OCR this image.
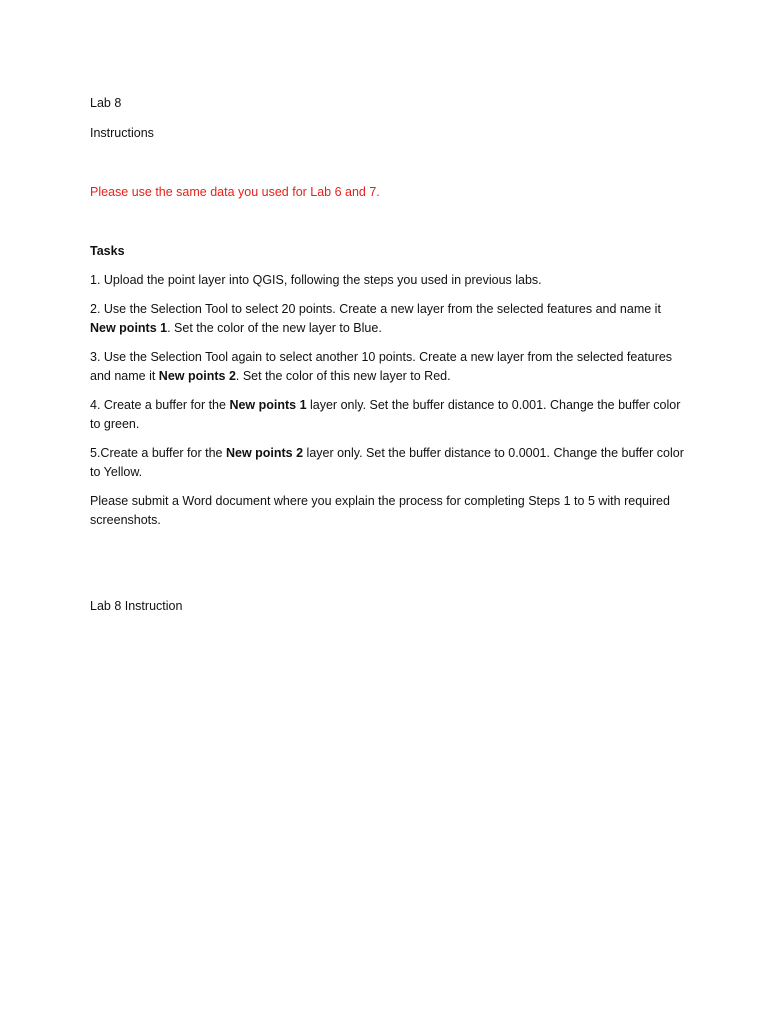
Lab 8

Instructions

Please use the same data you used for Lab 6 and 7.

Tasks

1. Upload the point layer into QGIS, following the steps you used in previous labs.

2. Use the Selection Tool to select 20 points. Create a new layer from the selected features and name it New points 1. Set the color of the new layer to Blue.

3. Use the Selection Tool again to select another 10 points. Create a new layer from the selected features and name it New points 2. Set the color of this new layer to Red.

4. Create a buffer for the New points 1 layer only. Set the buffer distance to 0.001. Change the buffer color to green.

5.Create a buffer for the New points 2 layer only. Set the buffer distance to 0.0001. Change the buffer color to Yellow.

Please submit a Word document where you explain the process for completing Steps 1 to 5 with required screenshots.

Lab 8 Instruction
